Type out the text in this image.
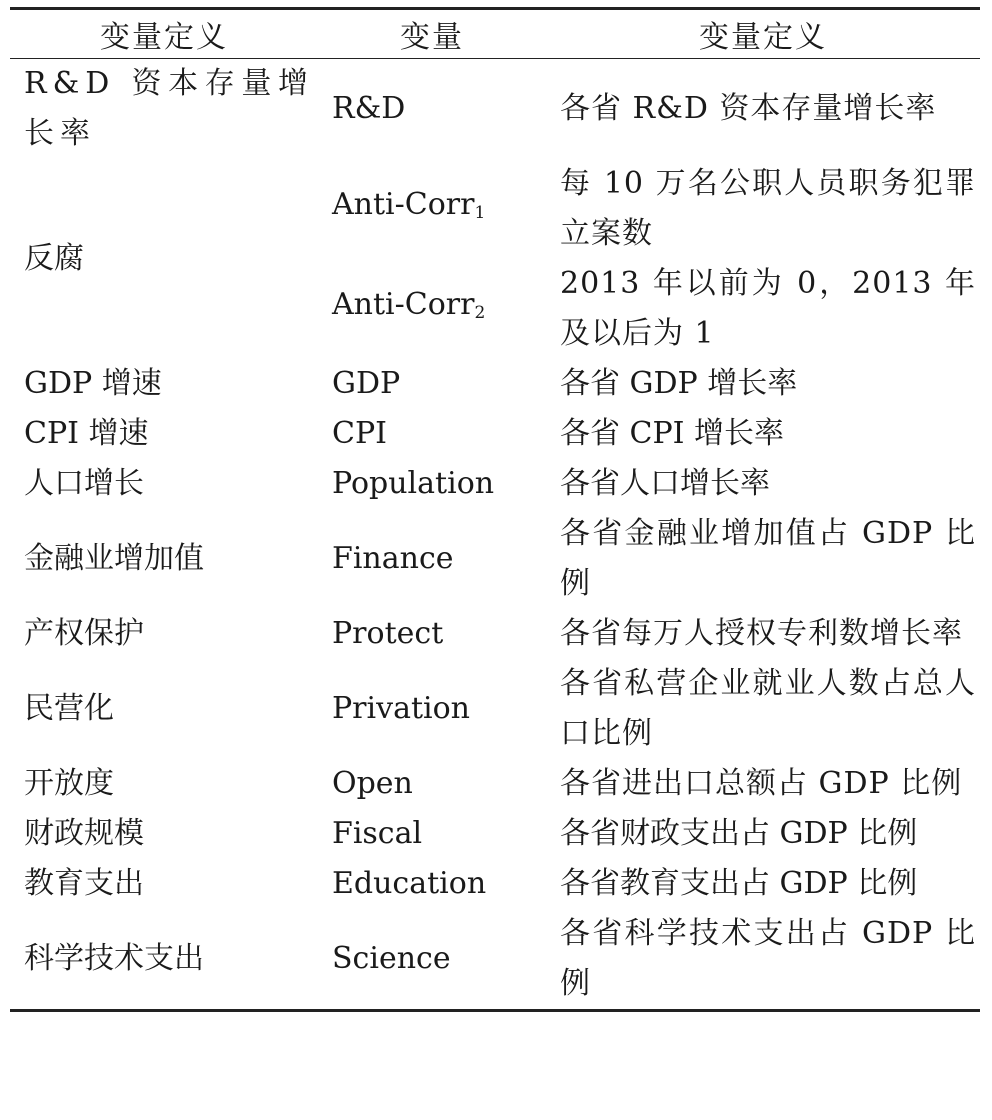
变量定义	变量	变量定义
R&D 资本存量增长率	R&D	各省 R&D 资本存量增长率
反腐	Anti-Corr$_1$	每 10 万名公职人员职务犯罪立案数
	Anti-Corr$_2$	2013 年以前为 0，2013 年及以后为 1
GDP 增速	GDP	各省 GDP 增长率
CPI 增速	CPI	各省 CPI 增长率
人口增长	Population	各省人口增长率
金融业增加值	Finance	各省金融业增加值占 GDP 比例
产权保护	Protect	各省每万人授权专利数增长率
民营化	Privation	各省私营企业就业人数占总人口比例
开放度	Open	各省进出口总额占 GDP 比例
财政规模	Fiscal	各省财政支出占 GDP 比例
教育支出	Education	各省教育支出占 GDP 比例
科学技术支出	Science	各省科学技术支出占 GDP 比例
